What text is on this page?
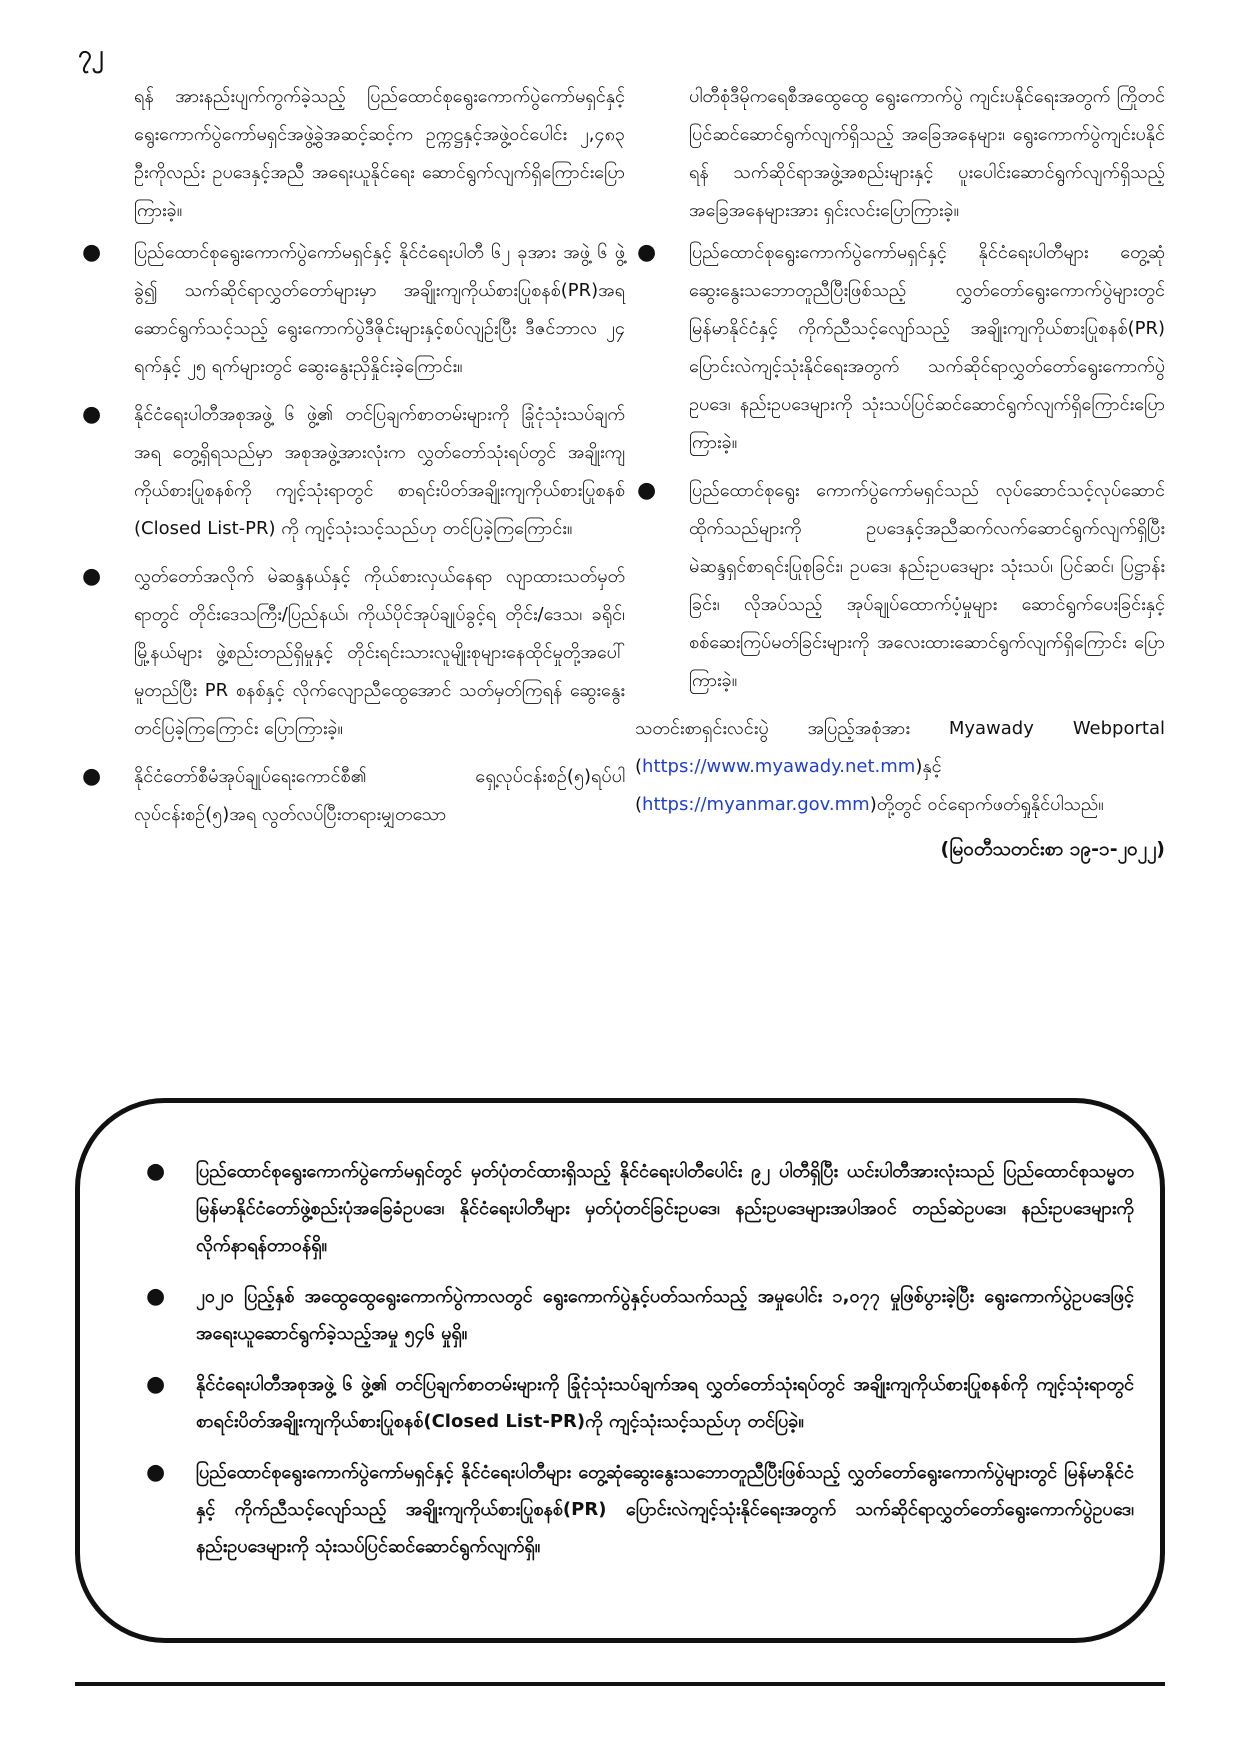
၇၂

ရန် အားနည်းပျက်ကွက်ခဲ့သည့် ပြည်ထောင်စုရွေးကောက်ပွဲကော်မရှင်နှင့် ရွေးကောက်ပွဲကော်မရှင်အဖွဲ့ခွဲအဆင့်ဆင့်က ဥက္ကဋ္ဌနှင့်အဖွဲ့ဝင်ပေါင်း ၂,၄၈၃ ဦးကိုလည်း ဥပဒေနှင့်အညီ အရေးယူနိုင်ရေး ဆောင်ရွက်လျက်ရှိကြောင်းပြောကြားခဲ့။

● ပြည်ထောင်စုရွေးကောက်ပွဲကော်မရှင်နှင့် နိုင်ငံရေးပါတီ ၆၂ ခုအား အဖွဲ့ ၆ ဖွဲ့ခွဲ၍ သက်ဆိုင်ရာလွှတ်တော်များမှာ အချိုးကျကိုယ်စားပြုစနစ်(PR)အရ ဆောင်ရွက်သင့်သည့် ရွေးကောက်ပွဲဒီဇိုင်းများနှင့်စပ်လျဉ်းပြီး ဒီဇင်ဘာလ ၂၄ ရက်နှင့် ၂၅ ရက်များတွင် ဆွေးနွေးညှိနှိုင်းခဲ့ကြောင်း။
● နိုင်ငံရေးပါတီအစုအဖွဲ့ ၆ ဖွဲ့၏ တင်ပြချက်စာတမ်းများကို ခြုံငုံသုံးသပ်ချက်အရ တွေ့ရှိရသည်မှာ အစုအဖွဲ့အားလုံးက လွှတ်တော်သုံးရပ်တွင် အချိုးကျကိုယ်စားပြုစနစ်ကို ကျင့်သုံးရာတွင် စာရင်းပိတ်အချိုးကျကိုယ်စားပြုစနစ် (Closed List-PR) ကို ကျင့်သုံးသင့်သည်ဟု တင်ပြခဲ့ကြကြောင်း။
● လွှတ်တော်အလိုက် မဲဆန္ဒနယ်နှင့် ကိုယ်စားလှယ်နေရာ လျာထားသတ်မှတ်ရာတွင် တိုင်းဒေသကြီး/ပြည်နယ်၊ ကိုယ်ပိုင်အုပ်ချုပ်ခွင့်ရ တိုင်း/ဒေသ၊ ခရိုင်၊ မြို့နယ်များ ဖွဲ့စည်းတည်ရှိမှုနှင့် တိုင်းရင်းသားလူမျိုးစုများနေထိုင်မှုတို့အပေါ်မူတည်ပြီး PR စနစ်နှင့် လိုက်လျောညီထွေအောင် သတ်မှတ်ကြရန် ဆွေးနွေးတင်ပြခဲ့ကြကြောင်း ပြောကြားခဲ့။
● နိုင်ငံတော်စီမံအုပ်ချုပ်ရေးကောင်စီ၏ ရှေ့လုပ်ငန်းစဉ်(၅)ရပ်ပါ လုပ်ငန်းစဉ်(၅)အရ လွတ်လပ်ပြီးတရားမျှတသော

ပါတီစုံဒီမိုကရေစီအထွေထွေ ရွေးကောက်ပွဲ ကျင်းပနိုင်ရေးအတွက် ကြိုတင်ပြင်ဆင်ဆောင်ရွက်လျက်ရှိသည့် အခြေအနေများ၊ ရွေးကောက်ပွဲကျင်းပနိုင်ရန် သက်ဆိုင်ရာအဖွဲ့အစည်းများနှင့် ပူးပေါင်းဆောင်ရွက်လျက်ရှိသည့်အခြေအနေများအား ရှင်းလင်းပြောကြားခဲ့။

● ပြည်ထောင်စုရွေးကောက်ပွဲကော်မရှင်နှင့် နိုင်ငံရေးပါတီများ တွေ့ဆုံဆွေးနွေးသဘောတူညီပြီးဖြစ်သည့် လွှတ်တော်ရွေးကောက်ပွဲများတွင် မြန်မာနိုင်ငံနှင့် ကိုက်ညီသင့်လျော်သည့် အချိုးကျကိုယ်စားပြုစနစ်(PR) ပြောင်းလဲကျင့်သုံးနိုင်ရေးအတွက် သက်ဆိုင်ရာလွှတ်တော်ရွေးကောက်ပွဲဥပဒေ၊ နည်းဥပဒေများကို သုံးသပ်ပြင်ဆင်ဆောင်ရွက်လျက်ရှိကြောင်းပြောကြားခဲ့။
● ပြည်ထောင်စုရွေး ကောက်ပွဲကော်မရှင်သည် လုပ်ဆောင်သင့်လုပ်ဆောင်ထိုက်သည်များကို ဥပဒေနှင့်အညီဆက်လက်ဆောင်ရွက်လျက်ရှိပြီး မဲဆန္ဒရှင်စာရင်းပြုစုခြင်း၊ ဥပဒေ၊ နည်းဥပဒေများ သုံးသပ်၊ ပြင်ဆင်၊ ပြဋ္ဌာန်းခြင်း၊ လိုအပ်သည့် အုပ်ချုပ်ထောက်ပံ့မှုများ ဆောင်ရွက်ပေးခြင်းနှင့် စစ်ဆေးကြပ်မတ်ခြင်းများကို အလေးထားဆောင်ရွက်လျက်ရှိကြောင်း ပြောကြားခဲ့။

သတင်းစာရှင်းလင်းပွဲ အပြည့်အစုံအား Myawady Webportal (https://www.myawady.net.mm)နှင့် (https://myanmar.gov.mm)တို့တွင် ဝင်ရောက်ဖတ်ရှုနိုင်ပါသည်။

(မြဝတီသတင်းစာ ၁၉-၁-၂၀၂၂)

● ပြည်ထောင်စုရွေးကောက်ပွဲကော်မရှင်တွင် မှတ်ပုံတင်ထားရှိသည့် နိုင်ငံရေးပါတီပေါင်း ၉၂ ပါတီရှိပြီး ယင်းပါတီအားလုံးသည် ပြည်ထောင်စုသမ္မတမြန်မာနိုင်ငံတော်ဖွဲ့စည်းပုံအခြေခံဥပဒေ၊ နိုင်ငံရေးပါတီများ မှတ်ပုံတင်ခြင်းဥပဒေ၊ နည်းဥပဒေများအပါအဝင် တည်ဆဲဥပဒေ၊ နည်းဥပဒေများကို လိုက်နာရန်တာဝန်ရှိ။
● ၂၀၂၀ ပြည့်နှစ် အထွေထွေရွေးကောက်ပွဲကာလတွင် ရွေးကောက်ပွဲနှင့်ပတ်သက်သည့် အမှုပေါင်း ၁,၀၇၇ မှုဖြစ်ပွားခဲ့ပြီး ရွေးကောက်ပွဲဥပဒေဖြင့် အရေးယူဆောင်ရွက်ခဲ့သည့်အမှု ၅၄၆ မှုရှိ။
● နိုင်ငံရေးပါတီအစုအဖွဲ့ ၆ ဖွဲ့၏ တင်ပြချက်စာတမ်းများကို ခြုံငုံသုံးသပ်ချက်အရ လွှတ်တော်သုံးရပ်တွင် အချိုးကျကိုယ်စားပြုစနစ်ကို ကျင့်သုံးရာတွင် စာရင်းပိတ်အချိုးကျကိုယ်စားပြုစနစ်(Closed List-PR)ကို ကျင့်သုံးသင့်သည်ဟု တင်ပြခဲ့။
● ပြည်ထောင်စုရွေးကောက်ပွဲကော်မရှင်နှင့် နိုင်ငံရေးပါတီများ တွေ့ဆုံဆွေးနွေးသဘောတူညီပြီးဖြစ်သည့် လွှတ်တော်ရွေးကောက်ပွဲများတွင် မြန်မာနိုင်ငံနှင့် ကိုက်ညီသင့်လျော်သည့် အချိုးကျကိုယ်စားပြုစနစ်(PR) ပြောင်းလဲကျင့်သုံးနိုင်ရေးအတွက် သက်ဆိုင်ရာလွှတ်တော်ရွေးကောက်ပွဲဥပဒေ၊ နည်းဥပဒေများကို သုံးသပ်ပြင်ဆင်ဆောင်ရွက်လျက်ရှိ။
